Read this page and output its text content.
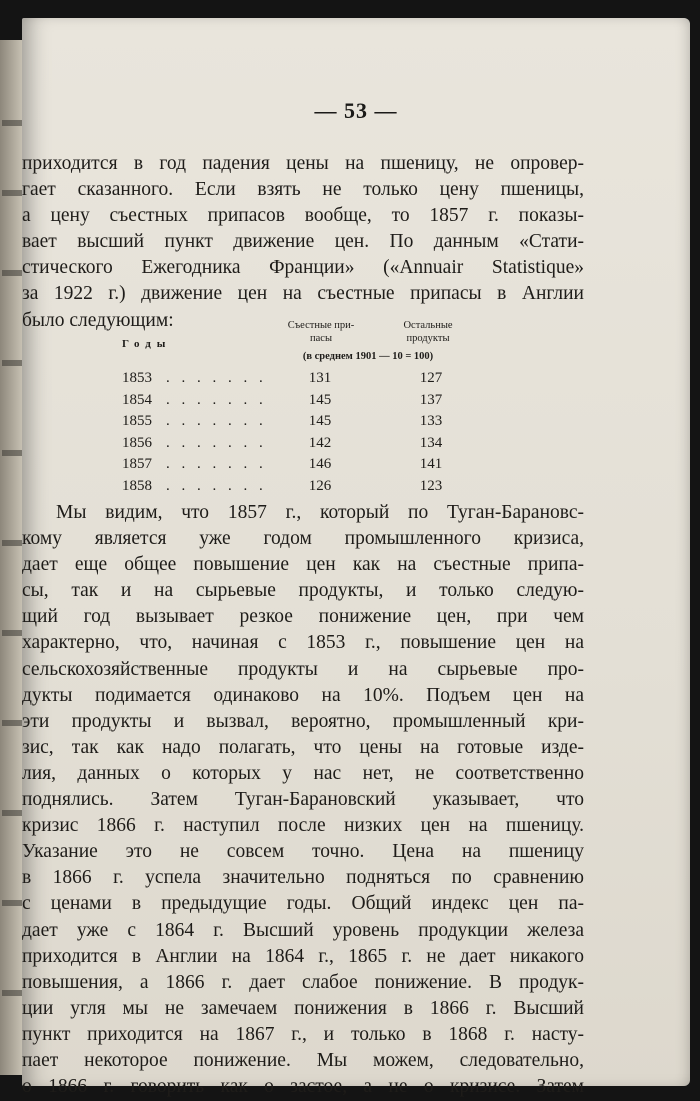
— 53 —
приходится в год падения цены на пшеницу, не опровер-
гает сказанного. Если взять не только цену пшеницы,
а цену съестных припасов вообще, то 1857 г. показы-
вает высший пункт движение цен. По данным «Стати-
стического Ежегодника Франции» («Annuair Statistique»
за 1922 г.) движение цен на съестные припасы в Англии
было следующим:
Годы
Съестные при-
пасы
Остальные
продукты
(в среднем 1901 — 10 = 100)
1853 . . . . . . .	131	127
1854 . . . . . . .	145	137
1855 . . . . . . .	145	133
1856 . . . . . . .	142	134
1857 . . . . . . .	146	141
1858 . . . . . . .	126	123
Мы видим, что 1857 г., который по Туган-Барановс-
кому является уже годом промышленного кризиса,
дает еще общее повышение цен как на съестные припа-
сы, так и на сырьевые продукты, и только следую-
щий год вызывает резкое понижение цен, при чем
характерно, что, начиная с 1853 г., повышение цен на
сельскохозяйственные продукты и на сырьевые про-
дукты подимается одинаково на 10%. Подъем цен на
эти продукты и вызвал, вероятно, промышленный кри-
зис, так как надо полагать, что цены на готовые изде-
лия, данных о которых у нас нет, не соответственно
поднялись. Затем Туган-Барановский указывает, что
кризис 1866 г. наступил после низких цен на пшеницу.
Указание это не совсем точно. Цена на пшеницу
в 1866 г. успела значительно подняться по сравнению
с ценами в предыдущие годы. Общий индекс цен па-
дает уже с 1864 г. Высший уровень продукции железа
приходится в Англии на 1864 г., 1865 г. не дает никакого
повышения, а 1866 г. дает слабое понижение. В продук-
ции угля мы не замечаем понижения в 1866 г. Высший
пункт приходится на 1867 г., и только в 1868 г. насту-
пает некоторое понижение. Мы можем, следовательно,
о 1866 г. говорить как о застое, а не о кризисе. Затем
